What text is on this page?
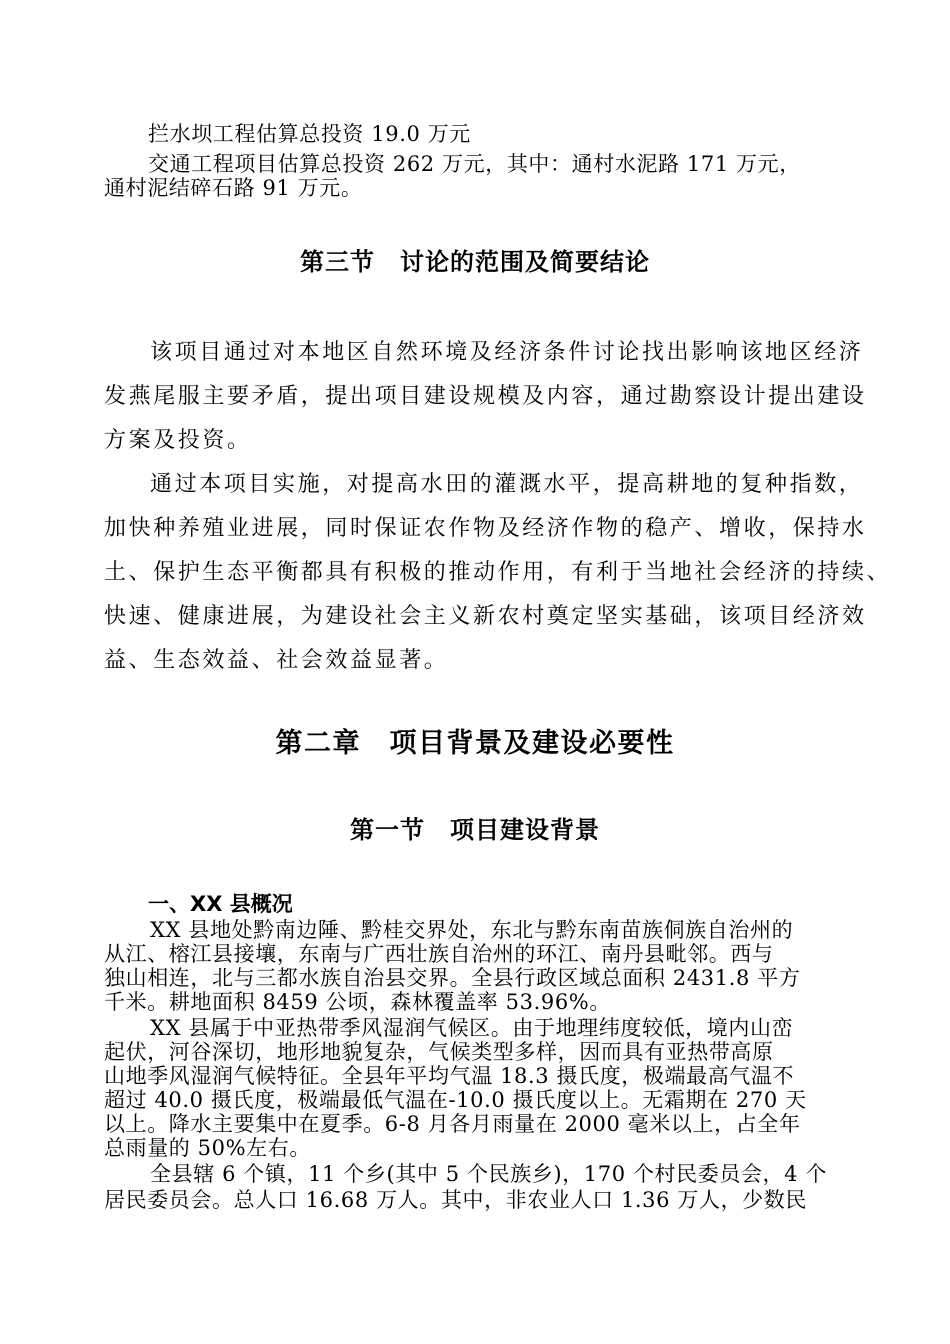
拦水坝工程估算总投资 19.0 万元
交通工程项目估算总投资 262 万元，其中：通村水泥路 171 万元，
通村泥结碎石路 91 万元。
第三节　讨论的范围及简要结论
该项目通过对本地区自然环境及经济条件讨论找出影响该地区经济
发燕尾服主要矛盾，提出项目建设规模及内容，通过勘察设计提出建设
方案及投资。
通过本项目实施，对提高水田的灌溉水平，提高耕地的复种指数，
加快种养殖业进展，同时保证农作物及经济作物的稳产、增收，保持水
土、保护生态平衡都具有积极的推动作用，有利于当地社会经济的持续、
快速、健康进展，为建设社会主义新农村奠定坚实基础，该项目经济效
益、生态效益、社会效益显著。
第二章　项目背景及建设必要性
第一节　项目建设背景
一、XX 县概况
XX 县地处黔南边陲、黔桂交界处，东北与黔东南苗族侗族自治州的
从江、榕江县接壤，东南与广西壮族自治州的环江、南丹县毗邻。西与
独山相连，北与三都水族自治县交界。全县行政区域总面积 2431.8 平方
千米。耕地面积 8459 公顷，森林覆盖率 53.96%。
XX 县属于中亚热带季风湿润气候区。由于地理纬度较低，境内山峦
起伏，河谷深切，地形地貌复杂，气候类型多样，因而具有亚热带高原
山地季风湿润气候特征。全县年平均气温 18.3 摄氏度，极端最高气温不
超过 40.0 摄氏度，极端最低气温在-10.0 摄氏度以上。无霜期在 270 天
以上。降水主要集中在夏季。6-8 月各月雨量在 2000 毫米以上，占全年
总雨量的 50%左右。
全县辖 6 个镇，11 个乡(其中 5 个民族乡)，170 个村民委员会，4 个
居民委员会。总人口 16.68 万人。其中，非农业人口 1.36 万人，少数民
